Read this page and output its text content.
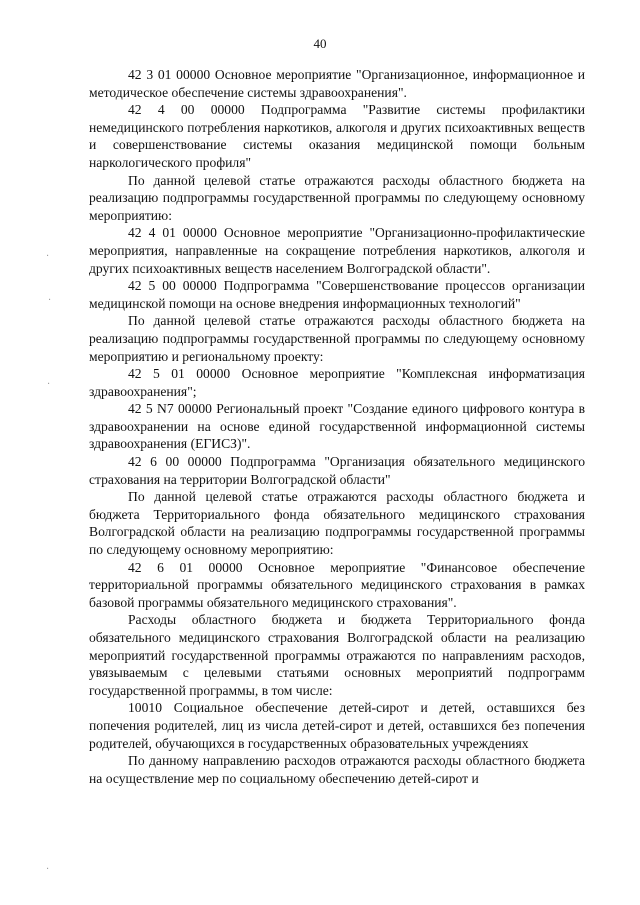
40

42 3 01 00000 Основное мероприятие "Организационное, информационное и методическое обеспечение системы здравоохранения".

42 4 00 00000 Подпрограмма "Развитие системы профилактики немедицинского потребления наркотиков, алкоголя и других психоактивных веществ и совершенствование системы оказания медицинской помощи больным наркологического профиля"

По данной целевой статье отражаются расходы областного бюджета на реализацию подпрограммы государственной программы по следующему основному мероприятию:

42 4 01 00000 Основное мероприятие "Организационно-профилактические мероприятия, направленные на сокращение потребления наркотиков, алкоголя и других психоактивных веществ населением Волгоградской области".

42 5 00 00000 Подпрограмма "Совершенствование процессов организации медицинской помощи на основе внедрения информационных технологий"

По данной целевой статье отражаются расходы областного бюджета на реализацию подпрограммы государственной программы по следующему основному мероприятию и региональному проекту:

42 5 01 00000 Основное мероприятие "Комплексная информатизация здравоохранения";

42 5 N7 00000 Региональный проект "Создание единого цифрового контура в здравоохранении на основе единой государственной информационной системы здравоохранения (ЕГИСЗ)".

42 6 00 00000 Подпрограмма "Организация обязательного медицинского страхования на территории Волгоградской области"

По данной целевой статье отражаются расходы областного бюджета и бюджета Территориального фонда обязательного медицинского страхования Волгоградской области на реализацию подпрограммы государственной программы по следующему основному мероприятию:

42 6 01 00000 Основное мероприятие "Финансовое обеспечение территориальной программы обязательного медицинского страхования в рамках базовой программы обязательного медицинского страхования".

Расходы областного бюджета и бюджета Территориального фонда обязательного медицинского страхования Волгоградской области на реализацию мероприятий государственной программы отражаются по направлениям расходов, увязываемым с целевыми статьями основных мероприятий подпрограмм государственной программы, в том числе:

10010 Социальное обеспечение детей-сирот и детей, оставшихся без попечения родителей, лиц из числа детей-сирот и детей, оставшихся без попечения родителей, обучающихся в государственных образовательных учреждениях

По данному направлению расходов отражаются расходы областного бюджета на осуществление мер по социальному обеспечению детей-сирот и

·
·
·
.
